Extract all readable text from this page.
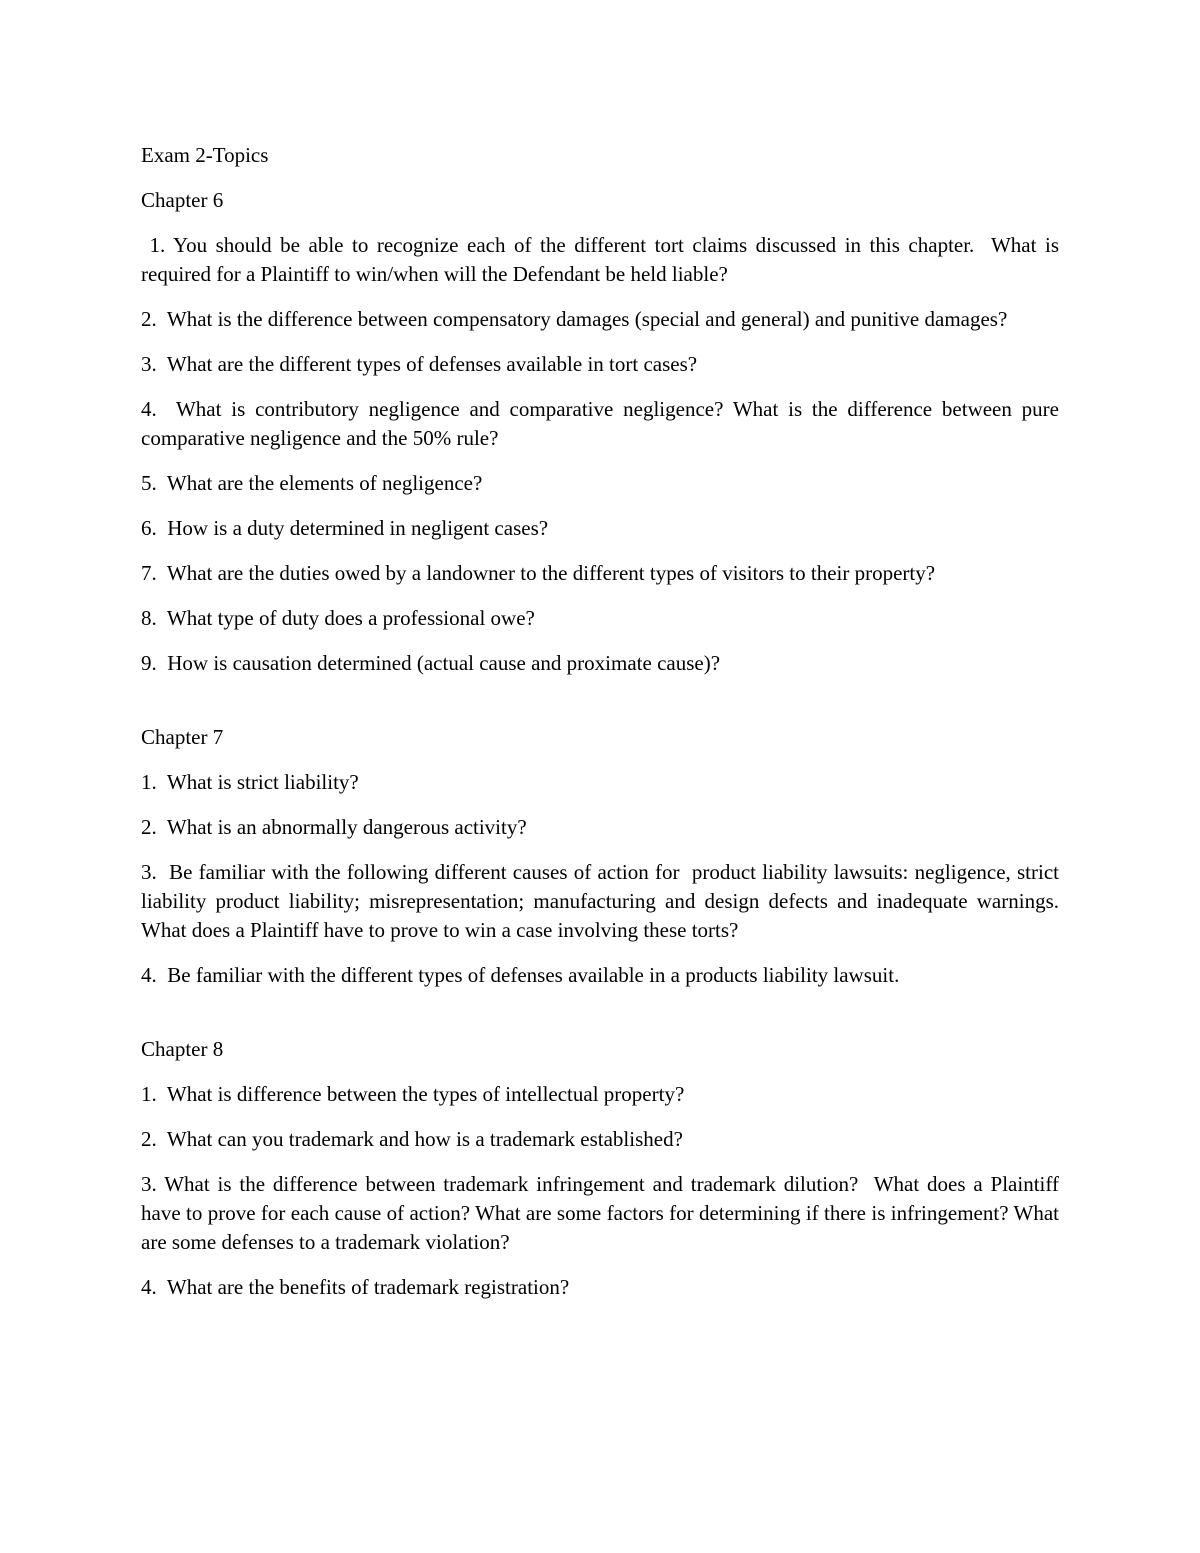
Exam 2-Topics

Chapter 6

1. You should be able to recognize each of the different tort claims discussed in this chapter.  What is required for a Plaintiff to win/when will the Defendant be held liable?

2.  What is the difference between compensatory damages (special and general) and punitive damages?

3.  What are the different types of defenses available in tort cases?

4.  What is contributory negligence and comparative negligence? What is the difference between pure comparative negligence and the 50% rule?

5.  What are the elements of negligence?

6.  How is a duty determined in negligent cases?

7.  What are the duties owed by a landowner to the different types of visitors to their property?

8.  What type of duty does a professional owe?

9.  How is causation determined (actual cause and proximate cause)?

Chapter 7

1.  What is strict liability?

2.  What is an abnormally dangerous activity?

3.  Be familiar with the following different causes of action for  product liability lawsuits: negligence, strict liability product liability; misrepresentation; manufacturing and design defects and inadequate warnings.  What does a Plaintiff have to prove to win a case involving these torts?

4.  Be familiar with the different types of defenses available in a products liability lawsuit.

Chapter 8

1.  What is difference between the types of intellectual property?

2.  What can you trademark and how is a trademark established?

3. What is the difference between trademark infringement and trademark dilution?  What does a Plaintiff have to prove for each cause of action? What are some factors for determining if there is infringement? What are some defenses to a trademark violation?

4.  What are the benefits of trademark registration?
